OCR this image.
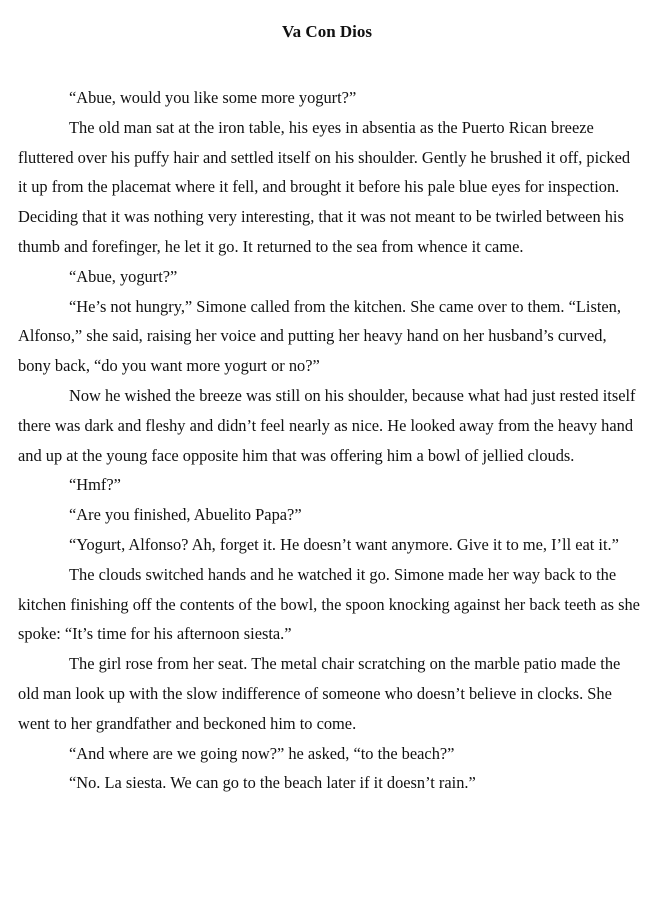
Va Con Dios

“Abue, would you like some more yogurt?”

The old man sat at the iron table, his eyes in absentia as the Puerto Rican breeze fluttered over his puffy hair and settled itself on his shoulder. Gently he brushed it off, picked it up from the placemat where it fell, and brought it before his pale blue eyes for inspection. Deciding that it was nothing very interesting, that it was not meant to be twirled between his thumb and forefinger, he let it go. It returned to the sea from whence it came.

“Abue, yogurt?”

“He’s not hungry,” Simone called from the kitchen. She came over to them. “Listen, Alfonso,” she said, raising her voice and putting her heavy hand on her husband’s curved, bony back, “do you want more yogurt or no?”

Now he wished the breeze was still on his shoulder, because what had just rested itself there was dark and fleshy and didn’t feel nearly as nice. He looked away from the heavy hand and up at the young face opposite him that was offering him a bowl of jellied clouds.

“Hmf?”

“Are you finished, Abuelito Papa?”

“Yogurt, Alfonso? Ah, forget it. He doesn’t want anymore. Give it to me, I’ll eat it.”

The clouds switched hands and he watched it go. Simone made her way back to the kitchen finishing off the contents of the bowl, the spoon knocking against her back teeth as she spoke: “It’s time for his afternoon siesta.”

The girl rose from her seat. The metal chair scratching on the marble patio made the old man look up with the slow indifference of someone who doesn’t believe in clocks. She went to her grandfather and beckoned him to come.

“And where are we going now?” he asked, “to the beach?”

“No. La siesta. We can go to the beach later if it doesn’t rain.”
